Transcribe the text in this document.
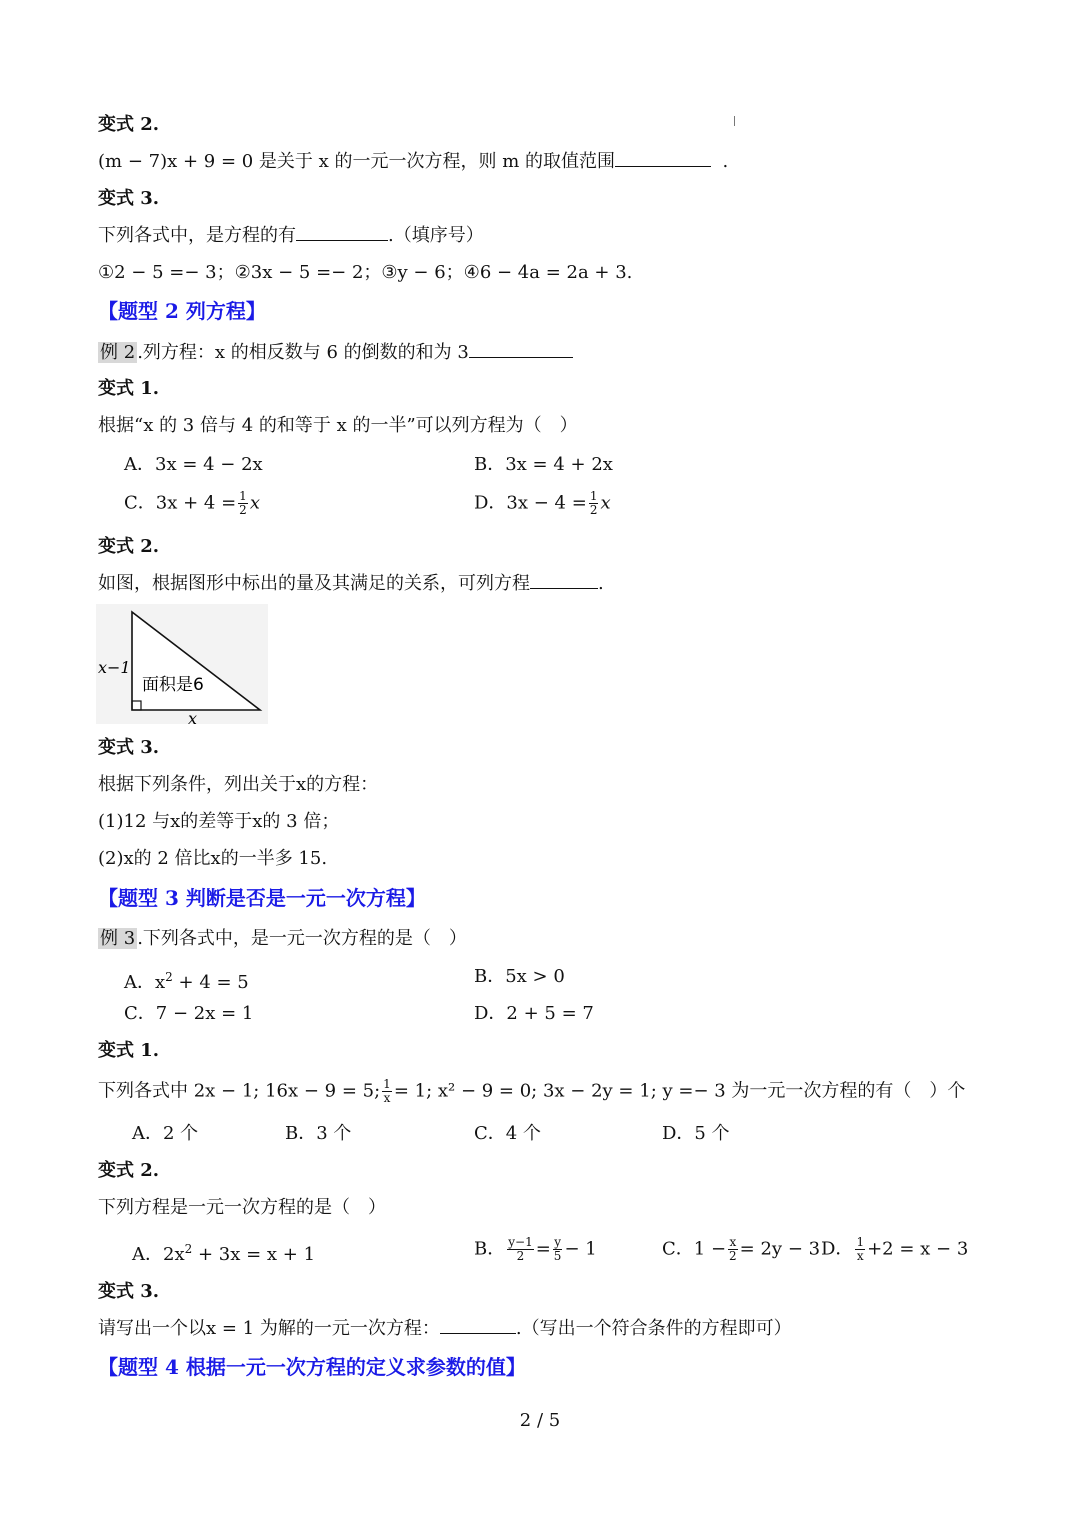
变式 2.
(m − 7)x + 9 = 0 是关于 x 的一元一次方程，则 m 的取值范围	.
变式 3.
下列各式中，是方程的有	.（填序号）
①2 − 5 =− 3；②3x − 5 =− 2；③y − 6；④6 − 4a = 2a + 3.
【题型 2 列方程】
例 2 .列方程：x 的相反数与 6 的倒数的和为 3
变式 1.
根据“x 的 3 倍与 4 的和等于 x 的一半”可以列方程为（　）
A．3x = 4 − 2x	B．3x = 4 + 2x
C．$3x + 4 = \frac{1}{2}$ x	D．$3x - 4 = \frac{1}{2}$ x
变式 2.
如图，根据图形中标出的量及其满足的关系，可列方程	.
x−1
x
面积是6
变式 3.
根据下列条件，列出关于x的方程：
(1)12 与x的差等于x的 3 倍；
(2)x的 2 倍比x的一半多 15.
【题型 3 判断是否是一元一次方程】
例 3 .下列各式中，是一元一次方程的是（　）
A．$x^2 + 4 = 5$	B．5x > 0
C．7 − 2x = 1	D．2 + 5 = 7
变式 1.
下列各式中 2x − 1; 16x − 9 = 5; $\frac{1}{x} = 1$; x² − 9 = 0; 3x − 2y = 1; y =− 3 为一元一次方程的有（　）个
A．2 个	B．3 个	C．4 个	D．5 个
变式 2.
下列方程是一元一次方程的是（　）
A．$2x^2 + 3x = x + 1$	B． $\frac{y-1}{2} = \frac{y}{5} - 1$	C．$1 - \frac{x}{2} = 2y - 3$ D． $\frac{1}{x} +2 = x - 3$
变式 3.
请写出一个以x = 1 为解的一元一次方程：	.（写出一个符合条件的方程即可）
【题型 4 根据一元一次方程的定义求参数的值】
2 / 5
